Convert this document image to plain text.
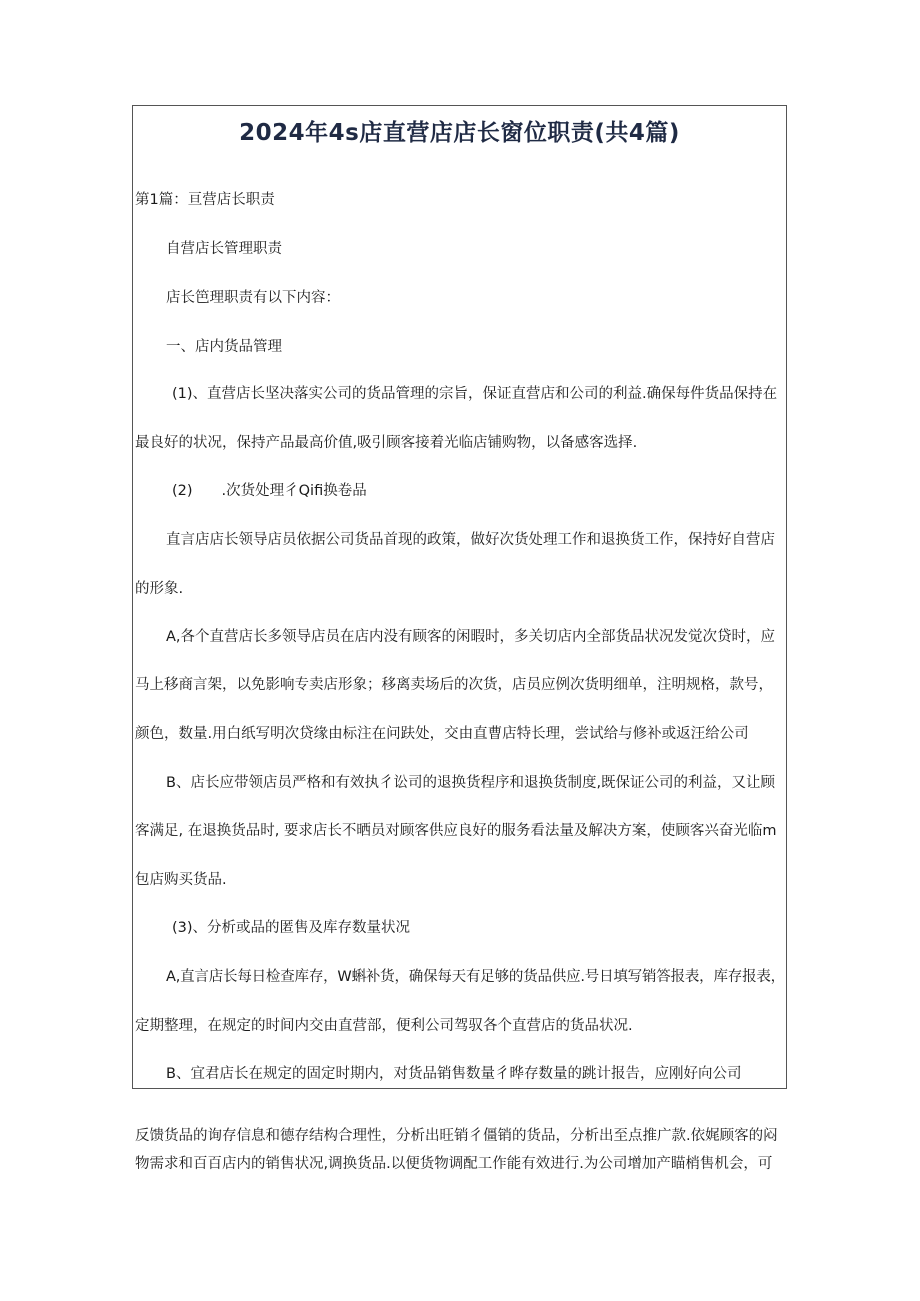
2024年4s店直营店店长窗位职责(共4篇)

第1篇：亘营店长职责

自营店长管理职责

店长笆理职责有以下内容：

一、店内货品管理

(1)、直营店长坚决落实公司的货品管理的宗旨，保证直营店和公司的利益.确保每件货品保持在

最良好的状况，保持产品最高价值,吸引顾客接着光临店铺购物，以备感客选择.

(2)　　.次货处理彳Qifi换卷品

直言店店长领导店员依据公司货品首现的政策，做好次货处理工作和退换货工作，保持好自营店

的形象.

A,各个直营店长多领导店员在店内没有顾客的闲暇时，多关切店内全部货品状况发觉次贷时，应

马上移商言架，以免影响专卖店形象；移离卖场后的次货，店员应例次货明细单，注明规格，款号，

颜色，数量.用白纸写明次贷缘由标注在问趺处，交由直曹店特长理，尝试给与修补或返汪给公司

B、店长应带领店员严格和有效执彳讼司的退换货程序和退换货制度,既保证公司的利益，又让顾

客满足, 在退换货品时, 要求店长不晒员对顾客供应良好的服务看法量及解决方案，使顾客兴奋光临m

包店购买货品.

(3)、分析或品的匿售及库存数量状况

A,直言店长每日检查库存，W蝌补货，确保每天有足够的货品供应.号日填写销答报表，库存报表，

定期整理，在规定的时间内交由直营部，便利公司驾驭各个直营店的货品状况.

B、宜君店长在规定的固定时期内，对货品销售数量彳晔存数量的跳计报告，应刚好向公司

反馈货品的询存信息和德存结构合理性，分析出旺销彳僵销的货品，分析出至点推广款.依娓顾客的闷

物需求和百百店内的销售状况,调换货品.以便货物调配工作能有效进行.为公司增加产瞄梢售机会，可
